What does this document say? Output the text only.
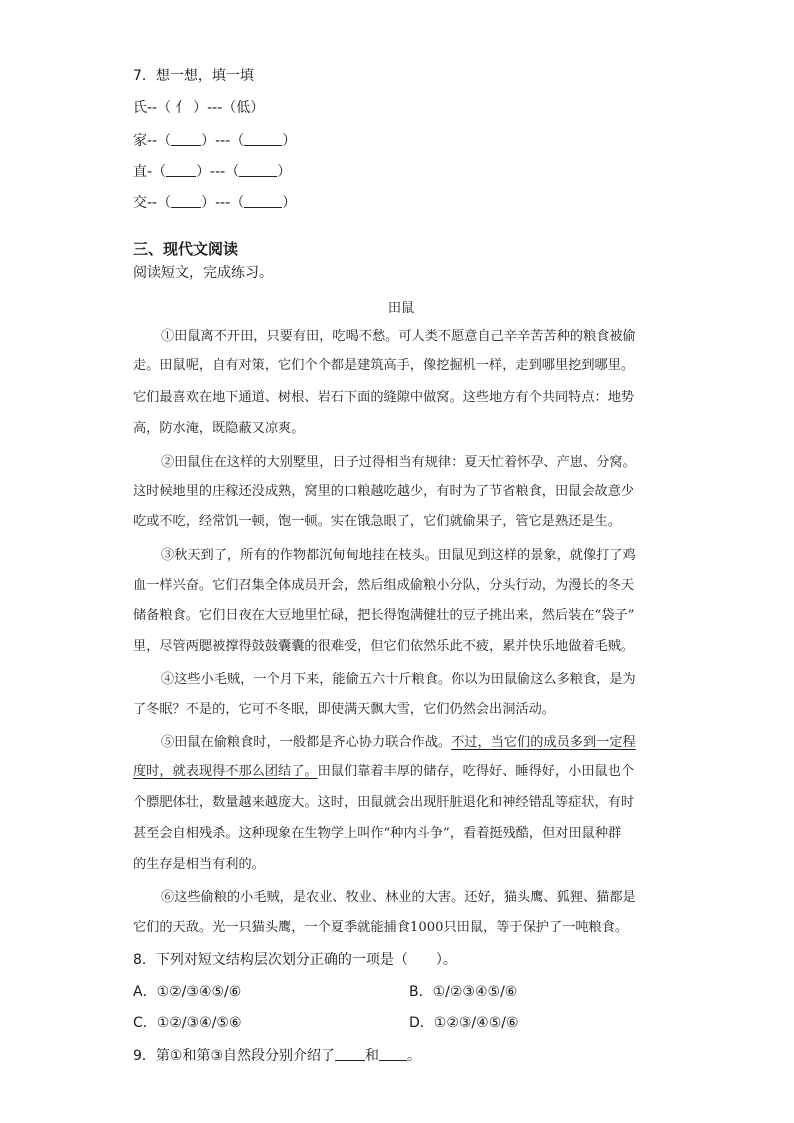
7．想一想，填一填
氏--（ 亻 ）---（低）
家--（ ）---（	）
直-（ ）---（	）
交--（ ）---（	）
三、现代文阅读
阅读短文，完成练习。
田鼠
①田鼠离不开田，只要有田，吃喝不愁。可人类不愿意自己辛辛苦苦种的粮食被偷
走。田鼠呢，自有对策，它们个个都是建筑高手，像挖掘机一样，走到哪里挖到哪里。
它们最喜欢在地下通道、树根、岩石下面的缝隙中做窝。这些地方有个共同特点：地势
高，防水淹，既隐蔽又凉爽。
②田鼠住在这样的大别墅里，日子过得相当有规律：夏天忙着怀孕、产崽、分窝。
这时候地里的庄稼还没成熟，窝里的口粮越吃越少，有时为了节省粮食，田鼠会故意少
吃或不吃，经常饥一顿，饱一顿。实在饿急眼了，它们就偷果子，管它是熟还是生。
③秋天到了，所有的作物都沉甸甸地挂在枝头。田鼠见到这样的景象，就像打了鸡
血一样兴奋。它们召集全体成员开会，然后组成偷粮小分队，分头行动，为漫长的冬天
储备粮食。它们日夜在大豆地里忙碌，把长得饱满健壮的豆子挑出来，然后装在“袋子”
里，尽管两腮被撑得鼓鼓囊囊的很难受，但它们依然乐此不疲，累并快乐地做着毛贼。
④这些小毛贼，一个月下来，能偷五六十斤粮食。你以为田鼠偷这么多粮食，是为
了冬眠？不是的，它可不冬眠，即使满天飘大雪，它们仍然会出洞活动。
⑤田鼠在偷粮食时，一般都是齐心协力联合作战。不过，当它们的成员多到一定程
度时，就表现得不那么团结了。田鼠们靠着丰厚的储存，吃得好、睡得好，小田鼠也个
个膘肥体壮，数量越来越庞大。这时，田鼠就会出现肝脏退化和神经错乱等症状，有时
甚至会自相残杀。这种现象在生物学上叫作“种内斗争”，看着挺残酷，但对田鼠种群
的生存是相当有利的。
⑥这些偷粮的小毛贼，是农业、牧业、林业的大害。还好，猫头鹰、狐狸、猫都是
它们的天敌。光一只猫头鹰，一个夏季就能捕食1000只田鼠，等于保护了一吨粮食。
8．下列对短文结构层次划分正确的一项是（　　）。
A．①②/③④⑤/⑥	B．①/②③④⑤/⑥
C．①②/③④/⑤⑥	D．①②③/④⑤/⑥
9．第①和第③自然段分别介绍了 和 。
